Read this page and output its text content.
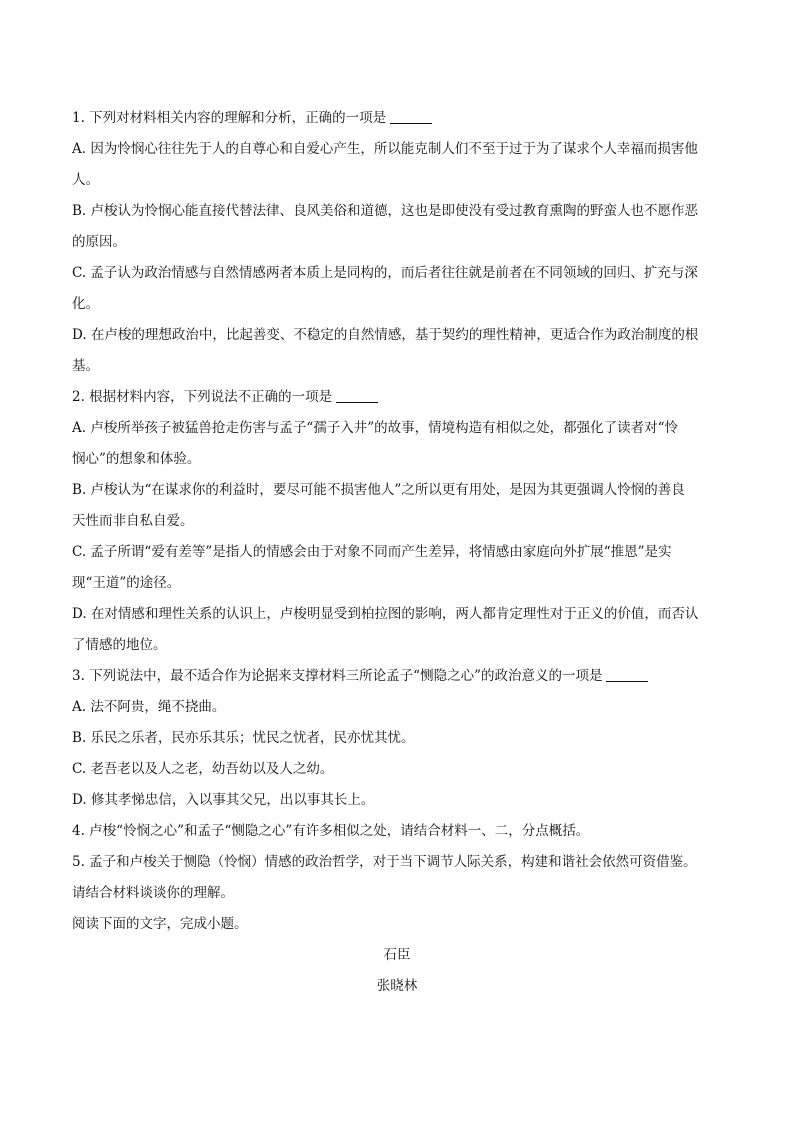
1. 下列对材料相关内容的理解和分析，正确的一项是
A. 因为怜悯心往往先于人的自尊心和自爱心产生，所以能克制人们不至于过于为了谋求个人幸福而损害他
人。
B. 卢梭认为怜悯心能直接代替法律、良风美俗和道德，这也是即使没有受过教育熏陶的野蛮人也不愿作恶
的原因。
C. 孟子认为政治情感与自然情感两者本质上是同构的，而后者往往就是前者在不同领域的回归、扩充与深
化。
D. 在卢梭的理想政治中，比起善变、不稳定的自然情感，基于契约的理性精神，更适合作为政治制度的根
基。
2. 根据材料内容，下列说法不正确的一项是
A. 卢梭所举孩子被猛兽抢走伤害与孟子“孺子入井”的故事，情境构造有相似之处，都强化了读者对“怜
悯心”的想象和体验。
B. 卢梭认为“在谋求你的利益时，要尽可能不损害他人”之所以更有用处，是因为其更强调人怜悯的善良
天性而非自私自爱。
C. 孟子所谓“爱有差等”是指人的情感会由于对象不同而产生差异，将情感由家庭向外扩展“推恩”是实
现“王道”的途径。
D. 在对情感和理性关系的认识上，卢梭明显受到柏拉图的影响，两人都肯定理性对于正义的价值，而否认
了情感的地位。
3. 下列说法中，最不适合作为论据来支撑材料三所论孟子“恻隐之心”的政治意义的一项是
A. 法不阿贵，绳不挠曲。
B. 乐民之乐者，民亦乐其乐；忧民之忧者，民亦忧其忧。
C. 老吾老以及人之老，幼吾幼以及人之幼。
D. 修其孝悌忠信，入以事其父兄，出以事其长上。
4. 卢梭“怜悯之心”和孟子“恻隐之心”有许多相似之处，请结合材料一、二，分点概括。
5. 孟子和卢梭关于恻隐（怜悯）情感的政治哲学，对于当下调节人际关系，构建和谐社会依然可资借鉴。
请结合材料谈谈你的理解。
阅读下面的文字，完成小题。
石臣
张晓林
